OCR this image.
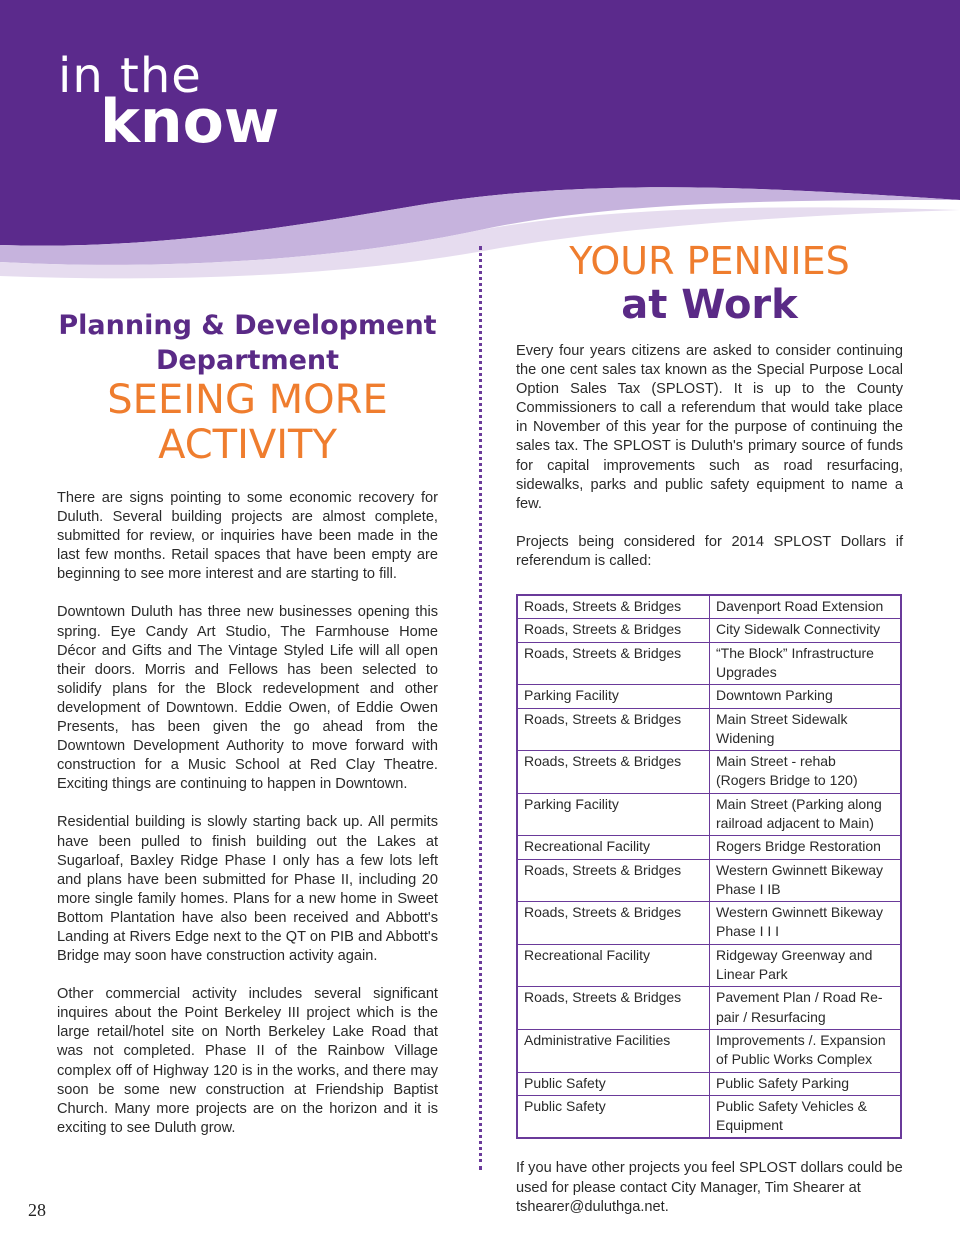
in the
know
Planning & Development
Department
SEEING MORE
ACTIVITY

There are signs pointing to some economic recovery for Duluth. Several building projects are almost complete, submitted for review, or inquiries have been made in the last few months. Retail spaces that have been empty are beginning to see more interest and are starting to fill.

Downtown Duluth has three new businesses opening this spring. Eye Candy Art Studio, The Farmhouse Home Décor and Gifts and The Vintage Styled Life will all open their doors. Morris and Fellows has been selected to solidify plans for the Block redevelopment and other development of Downtown. Eddie Owen, of Eddie Owen Presents, has been given the go ahead from the Downtown Development Authority to move forward with construction for a Music School at Red Clay Theatre. Exciting things are continuing to happen in Downtown.

Residential building is slowly starting back up. All permits have been pulled to finish building out the Lakes at Sugarloaf, Baxley Ridge Phase I only has a few lots left and plans have been submitted for Phase II, including 20 more single family homes. Plans for a new home in Sweet Bottom Plantation have also been received and Abbott's Landing at Rivers Edge next to the QT on PIB and Abbott's Bridge may soon have construction activity again.

Other commercial activity includes several significant inquires about the Point Berkeley III project which is the large retail/hotel site on North Berkeley Lake Road that was not completed. Phase II of the Rainbow Village complex off of Highway 120 is in the works, and there may soon be some new construction at Friendship Baptist Church. Many more projects are on the horizon and it is exciting to see Duluth grow.

YOUR PENNIES
at Work

Every four years citizens are asked to consider continuing the one cent sales tax known as the Special Purpose Local Option Sales Tax (SPLOST). It is up to the County Commissioners to call a referendum that would take place in November of this year for the purpose of continuing the sales tax. The SPLOST is Duluth's primary source of funds for capital improvements such as road resurfacing, sidewalks, parks and public safety equipment to name a few.

Projects being considered for 2014 SPLOST Dollars if referendum is called:

Roads, Streets & Bridges	Davenport Road Extension
Roads, Streets & Bridges	City Sidewalk Connectivity
Roads, Streets & Bridges	“The Block” Infrastructure
Upgrades
Parking Facility	Downtown Parking
Roads, Streets & Bridges	Main Street Sidewalk
Widening
Roads, Streets & Bridges	Main Street - rehab
(Rogers Bridge to 120)
Parking Facility	Main Street (Parking along
railroad adjacent to Main)
Recreational Facility	Rogers Bridge Restoration
Roads, Streets & Bridges	Western Gwinnett Bikeway
Phase I IB
Roads, Streets & Bridges	Western Gwinnett Bikeway
Phase I I I
Recreational Facility	Ridgeway Greenway and
Linear Park
Roads, Streets & Bridges	Pavement Plan / Road Re-
pair / Resurfacing
Administrative Facilities	Improvements /. Expansion
of Public Works Complex
Public Safety	Public Safety Parking
Public Safety	Public Safety Vehicles &
Equipment
If you have other projects you feel SPLOST dollars could be used for please contact City Manager, Tim Shearer at tshearer@duluthga.net.
28
